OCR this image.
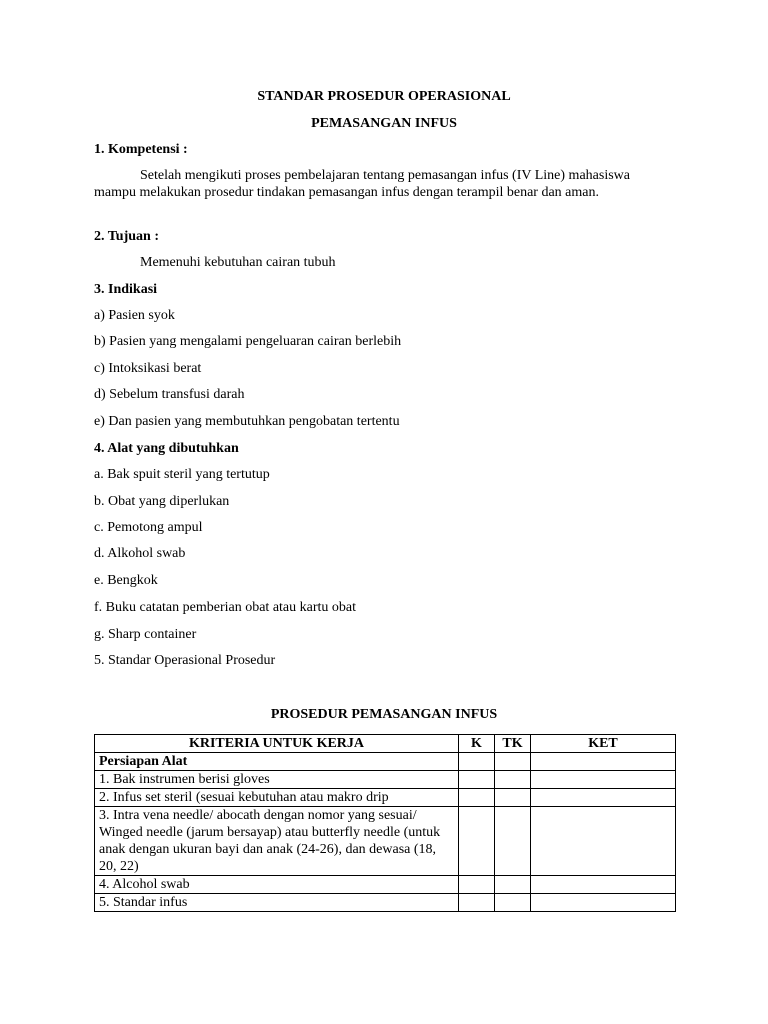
STANDAR PROSEDUR OPERASIONAL
PEMASANGAN INFUS
1. Kompetensi :
Setelah mengikuti proses pembelajaran tentang pemasangan infus (IV Line) mahasiswa mampu melakukan prosedur tindakan pemasangan infus dengan terampil benar dan aman.
2. Tujuan :
Memenuhi kebutuhan cairan tubuh
3. Indikasi
a) Pasien syok
b) Pasien yang mengalami pengeluaran cairan berlebih
c) Intoksikasi berat
d) Sebelum transfusi darah
e) Dan pasien yang membutuhkan pengobatan tertentu
4. Alat yang dibutuhkan
a. Bak spuit steril yang tertutup
b. Obat yang diperlukan
c. Pemotong ampul
d. Alkohol swab
e. Bengkok
f. Buku catatan pemberian obat atau kartu obat
g. Sharp container
5. Standar Operasional Prosedur
PROSEDUR PEMASANGAN INFUS
KRITERIA UNTUK KERJA	K	TK	KET
Persiapan Alat			
1. Bak instrumen berisi gloves			
2. Infus set steril (sesuai kebutuhan atau makro drip			
3. Intra vena needle/ abocath dengan nomor yang sesuai/ Winged needle (jarum bersayap) atau butterfly needle (untuk anak dengan ukuran bayi dan anak (24-26), dan dewasa (18, 20, 22)			
4. Alcohol swab			
5. Standar infus			
